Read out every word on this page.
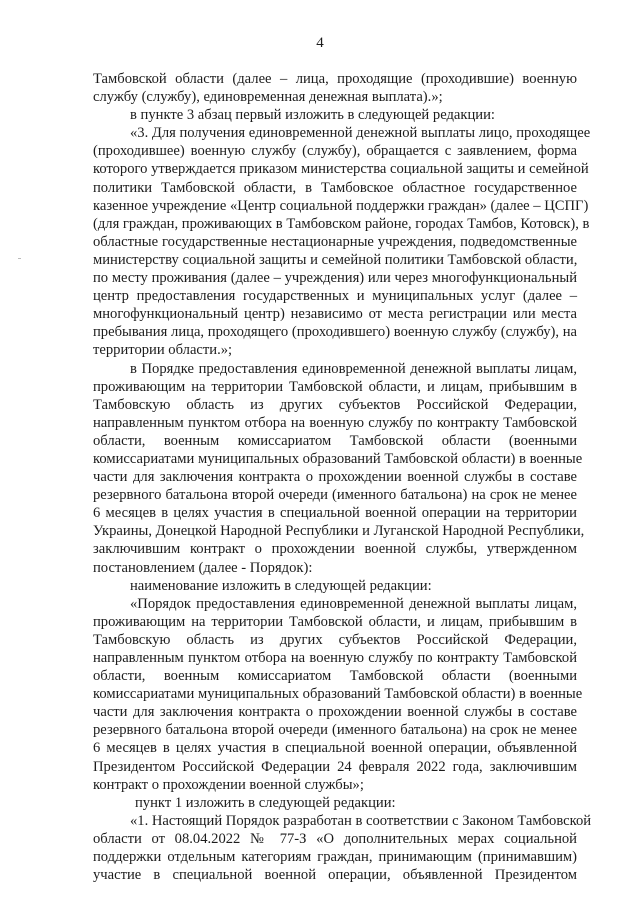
4
Тамбовской области (далее – лица, проходящие (проходившие) военную
службу (службу), единовременная денежная выплата).»;
в пункте 3 абзац первый изложить в следующей редакции:
«3. Для получения единовременной денежной выплаты лицо, проходящее
(проходившее) военную службу (службу), обращается с заявлением, форма
которого утверждается приказом министерства социальной защиты и семейной
политики Тамбовской области, в Тамбовское областное государственное
казенное учреждение «Центр социальной поддержки граждан» (далее – ЦСПГ)
(для граждан, проживающих в Тамбовском районе, городах Тамбов, Котовск), в
областные государственные нестационарные учреждения, подведомственные
министерству социальной защиты и семейной политики Тамбовской области,
по месту проживания (далее – учреждения) или через многофункциональный
центр предоставления государственных и муниципальных услуг (далее –
многофункциональный центр) независимо от места регистрации или места
пребывания лица, проходящего (проходившего) военную службу (службу), на
территории области.»;
в Порядке предоставления единовременной денежной выплаты лицам,
проживающим на территории Тамбовской области, и лицам, прибывшим в
Тамбовскую область из других субъектов Российской Федерации,
направленным пунктом отбора на военную службу по контракту Тамбовской
области, военным комиссариатом Тамбовской области (военными
комиссариатами муниципальных образований Тамбовской области) в военные
части для заключения контракта о прохождении военной службы в составе
резервного батальона второй очереди (именного батальона) на срок не менее
6 месяцев в целях участия в специальной военной операции на территории
Украины, Донецкой Народной Республики и Луганской Народной Республики,
заключившим контракт о прохождении военной службы, утвержденном
постановлением (далее - Порядок):
наименование изложить в следующей редакции:
«Порядок предоставления единовременной денежной выплаты лицам,
проживающим на территории Тамбовской области, и лицам, прибывшим в
Тамбовскую область из других субъектов Российской Федерации,
направленным пунктом отбора на военную службу по контракту Тамбовской
области, военным комиссариатом Тамбовской области (военными
комиссариатами муниципальных образований Тамбовской области) в военные
части для заключения контракта о прохождении военной службы в составе
резервного батальона второй очереди (именного батальона) на срок не менее
6 месяцев в целях участия в специальной военной операции, объявленной
Президентом Российской Федерации 24 февраля 2022 года, заключившим
контракт о прохождении военной службы»;
пункт 1 изложить в следующей редакции:
«1. Настоящий Порядок разработан в соответствии с Законом Тамбовской
области от 08.04.2022 № 77-З «О дополнительных мерах социальной
поддержки отдельным категориям граждан, принимающим (принимавшим)
участие в специальной военной операции, объявленной Президентом
